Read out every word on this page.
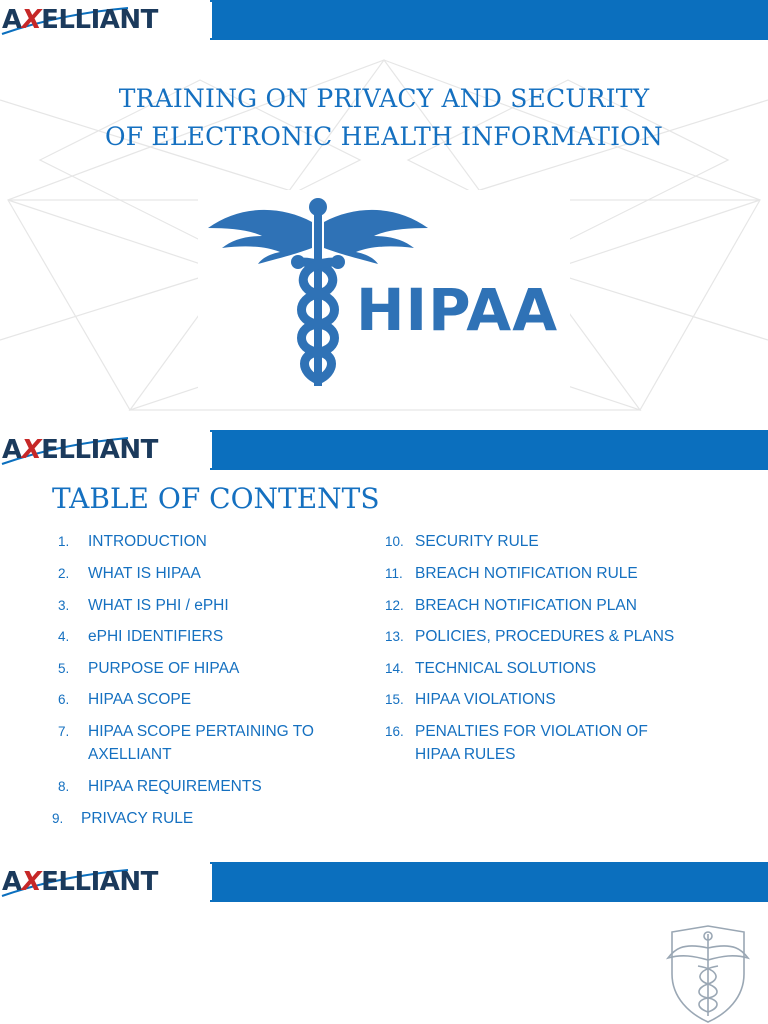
AXELLIANT
TRAINING ON PRIVACY AND SECURITY
OF ELECTRONIC HEALTH INFORMATION
HIPAA
AXELLIANT
TABLE OF CONTENTS
1. INTRODUCTION
2. WHAT IS HIPAA
3. WHAT IS PHI / ePHI
4. ePHI IDENTIFIERS
5. PURPOSE OF HIPAA
6. HIPAA SCOPE
7. HIPAA SCOPE PERTAINING TO
AXELLIANT
8. HIPAA REQUIREMENTS
9. PRIVACY RULE
10. SECURITY RULE
11. BREACH NOTIFICATION RULE
12. BREACH NOTIFICATION PLAN
13. POLICIES, PROCEDURES & PLANS
14. TECHNICAL SOLUTIONS
15. HIPAA VIOLATIONS
16. PENALTIES FOR VIOLATION OF
HIPAA RULES
AXELLIANT
